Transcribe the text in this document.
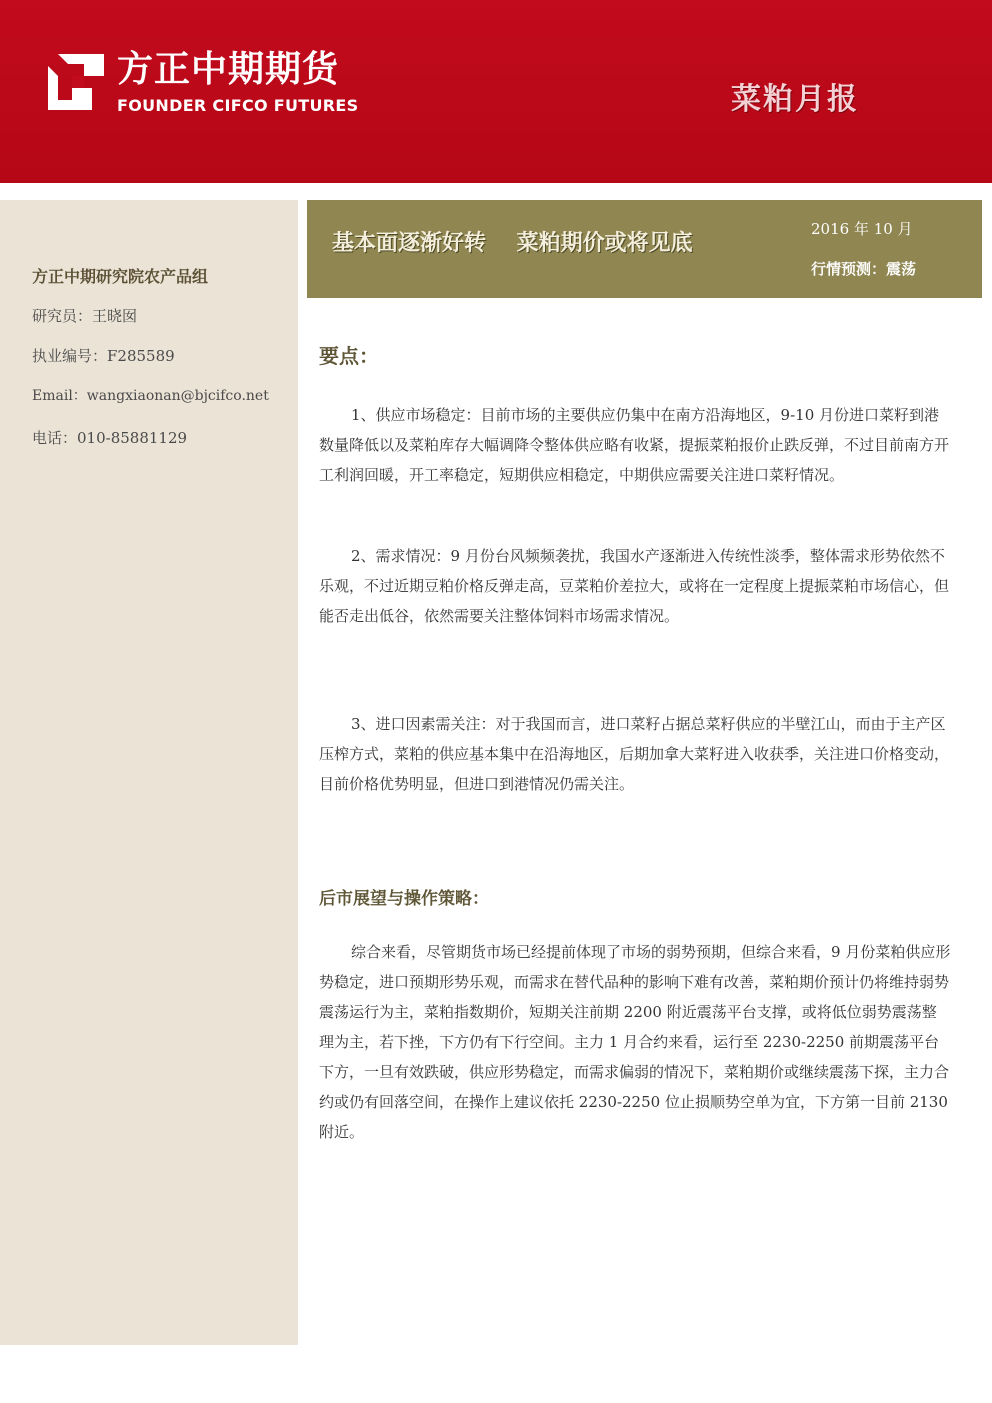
方正中期期货
FOUNDER CIFCO FUTURES	菜粕月报
方正中期研究院农产品组
研究员：王晓囡
执业编号：F285589
Email：wangxiaonan@bjcifco.net
电话：010-85881129
基本面逐渐好转    菜粕期价或将见底
2016 年 10 月
行情预测：震荡
要点：

1、供应市场稳定：目前市场的主要供应仍集中在南方沿海地区，9-10 月份进口菜籽到港数量降低以及菜粕库存大幅调降令整体供应略有收紧，提振菜粕报价止跌反弹，不过目前南方开工利润回暖，开工率稳定，短期供应相稳定，中期供应需要关注进口菜籽情况。

2、需求情况：9 月份台风频频袭扰，我国水产逐渐进入传统性淡季，整体需求形势依然不乐观，不过近期豆粕价格反弹走高，豆菜粕价差拉大，或将在一定程度上提振菜粕市场信心，但能否走出低谷，依然需要关注整体饲料市场需求情况。

3、进口因素需关注：对于我国而言，进口菜籽占据总菜籽供应的半壁江山，而由于主产区压榨方式，菜粕的供应基本集中在沿海地区，后期加拿大菜籽进入收获季，关注进口价格变动，目前价格优势明显，但进口到港情况仍需关注。

后市展望与操作策略：

综合来看，尽管期货市场已经提前体现了市场的弱势预期，但综合来看，9 月份菜粕供应形势稳定，进口预期形势乐观，而需求在替代品种的影响下难有改善，菜粕期价预计仍将维持弱势震荡运行为主，菜粕指数期价，短期关注前期 2200 附近震荡平台支撑，或将低位弱势震荡整理为主，若下挫，下方仍有下行空间。主力 1 月合约来看，运行至 2230-2250 前期震荡平台下方，一旦有效跌破，供应形势稳定，而需求偏弱的情况下，菜粕期价或继续震荡下探，主力合约或仍有回落空间，在操作上建议依托 2230-2250 位止损顺势空单为宜，下方第一目前 2130 附近。
